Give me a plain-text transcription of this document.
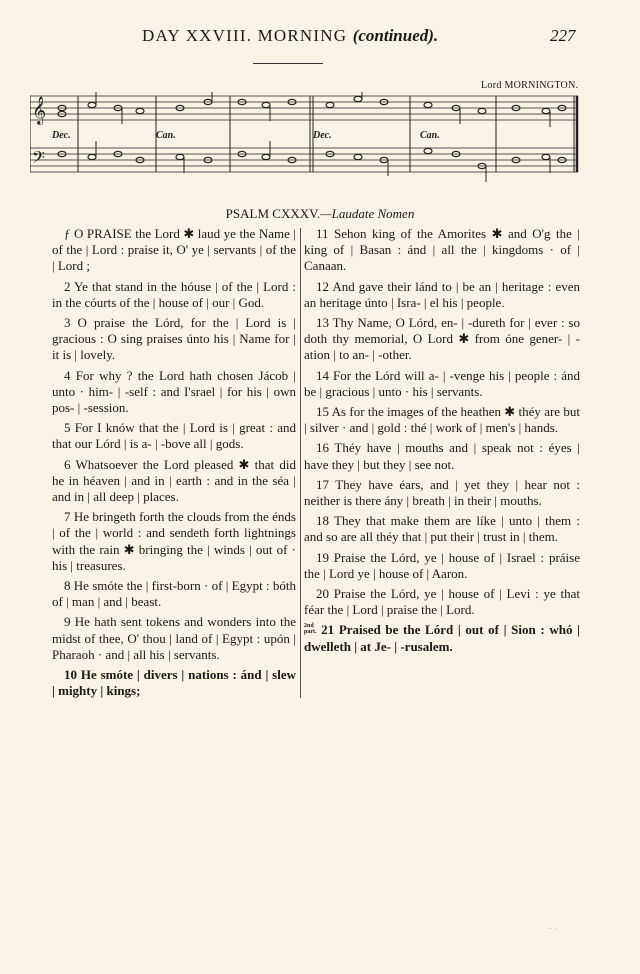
DAY XXVIII. MORNING (continued).	227
Lord MORNINGTON.
𝄞
𝄢
Dec.	Can.	Dec.	Can.
PSALM CXXXV.—Laudate Nomen

ƒ O PRAISE the Lord ✱ laud ye the Name | of the | Lord : praise it, O' ye | servants | of the | Lord ;

2 Ye that stand in the hóuse | of the | Lord : in the cóurts of the | house of | our | God.

3 O praise the Lórd, for the | Lord is | gracious : O sing praises únto his | Name for | it is | lovely.

4 For why ? the Lord hath chosen Jácob | unto · him- | -self : and I'srael | for his | own pos- | -session.

5 For I knów that the | Lord is | great : and that our Lórd | is a- | -bove all | gods.

6 Whatsoever the Lord pleased ✱ that did he in héaven | and in | earth : and in the séa | and in | all deep | places.

7 He bringeth forth the clouds from the énds | of the | world : and sendeth forth lightnings with the rain ✱ bringing the | winds | out of · his | treasures.

8 He smóte the | first-born · of | Egypt : bóth of | man | and | beast.

9 He hath sent tokens and wonders into the midst of thee, O' thou | land of | Egypt : upón | Pharaoh · and | all his | servants.

10 He smóte | divers | nations : ánd | slew | mighty | kings;

11 Sehon king of the Amorites ✱ and O'g the | king of | Basan : ánd | all the | kingdoms · of | Canaan.

12 And gave their lánd to | be an | heritage : even an heritage únto | Isra- | el his | people.

13 Thy Name, O Lórd, en- | -dureth for | ever : so doth thy memorial, O Lord ✱ from óne gener- | -ation | to an- | -other.

14 For the Lórd will a- | -venge his | people : ánd be | gracious | unto · his | servants.

15 As for the images of the heathen ✱ théy are but | silver · and | gold : thé | work of | men's | hands.

16 Théy have | mouths and | speak not : éyes | have they | but they | see not.

17 They have éars, and | yet they | hear not : neither is there ány | breath | in their | mouths.

18 They that make them are líke | unto | them : and so are all théy that | put their | trust in | them.

19 Praise the Lórd, ye | house of | Israel : práise the | Lord ye | house of | Aaron.

20 Praise the Lórd, ye | house of | Levi : ye that féar the | Lord | praise the | Lord.

2nd
part. 21 Praised be the Lórd | out of | Sion : whó | dwelleth | at Je- | -rusalem.

·· ·
